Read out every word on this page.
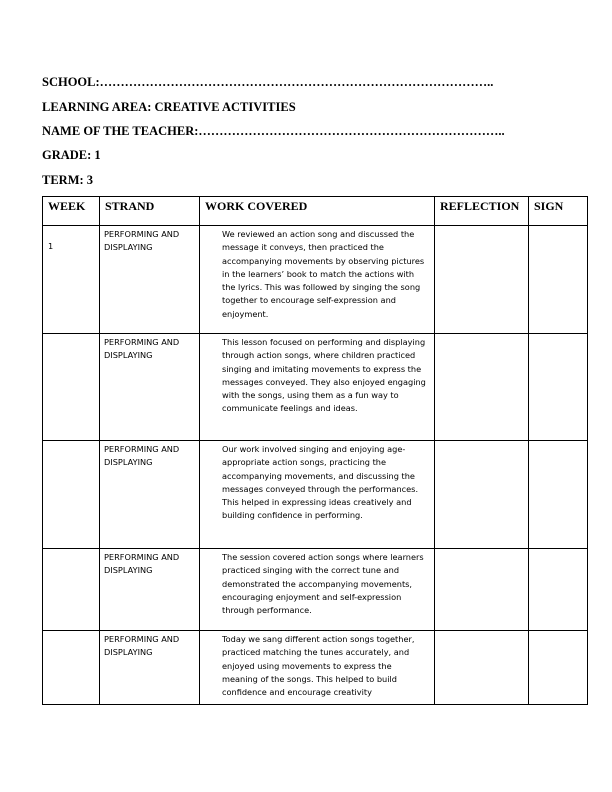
SCHOOL:…………………………………………………………………………………..
LEARNING AREA: CREATIVE ACTIVITIES
NAME OF THE TEACHER:………………………………………………………………..
GRADE: 1
TERM: 3
WEEK	STRAND	WORK COVERED	REFLECTION	SIGN
1	PERFORMING AND DISPLAYING	We reviewed an action song and discussed the message it conveys, then practiced the accompanying movements by observing pictures in the learners’ book to match the actions with the lyrics. This was followed by singing the song together to encourage self-expression and enjoyment.		
	PERFORMING AND DISPLAYING	This lesson focused on performing and displaying through action songs, where children practiced singing and imitating movements to express the messages conveyed. They also enjoyed engaging with the songs, using them as a fun way to communicate feelings and ideas.		
	PERFORMING AND DISPLAYING	Our work involved singing and enjoying age-appropriate action songs, practicing the accompanying movements, and discussing the messages conveyed through the performances. This helped in expressing ideas creatively and building confidence in performing.		
	PERFORMING AND DISPLAYING	The session covered action songs where learners practiced singing with the correct tune and demonstrated the accompanying movements, encouraging enjoyment and self-expression through performance.		
	PERFORMING AND DISPLAYING	Today we sang different action songs together, practiced matching the tunes accurately, and enjoyed using movements to express the meaning of the songs. This helped to build confidence and encourage creativity		
